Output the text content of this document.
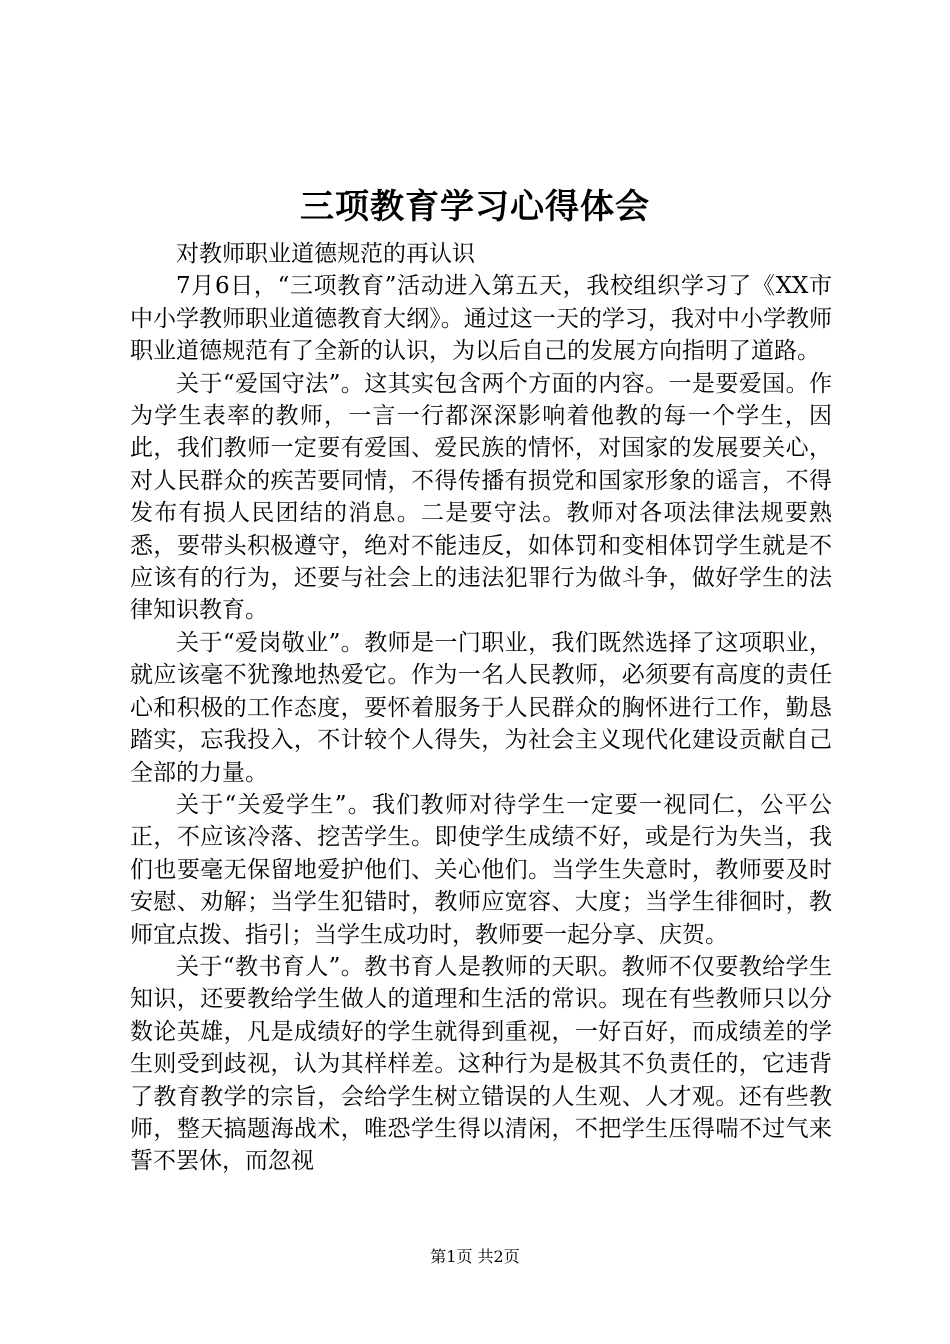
三项教育学习心得体会

对教师职业道德规范的再认识

7月6日，“三项教育”活动进入第五天，我校组织学习了《XX市中小学教师职业道德教育大纲》。通过这一天的学习，我对中小学教师职业道德规范有了全新的认识，为以后自己的发展方向指明了道路。

关于“爱国守法”。这其实包含两个方面的内容。一是要爱国。作为学生表率的教师，一言一行都深深影响着他教的每一个学生，因此，我们教师一定要有爱国、爱民族的情怀，对国家的发展要关心，对人民群众的疾苦要同情，不得传播有损党和国家形象的谣言，不得发布有损人民团结的消息。二是要守法。教师对各项法律法规要熟悉，要带头积极遵守，绝对不能违反，如体罚和变相体罚学生就是不应该有的行为，还要与社会上的违法犯罪行为做斗争，做好学生的法律知识教育。

关于“爱岗敬业”。教师是一门职业，我们既然选择了这项职业，就应该毫不犹豫地热爱它。作为一名人民教师，必须要有高度的责任心和积极的工作态度，要怀着服务于人民群众的胸怀进行工作，勤恳踏实，忘我投入，不计较个人得失，为社会主义现代化建设贡献自己全部的力量。

关于“关爱学生”。我们教师对待学生一定要一视同仁，公平公正，不应该冷落、挖苦学生。即使学生成绩不好，或是行为失当，我们也要毫无保留地爱护他们、关心他们。当学生失意时，教师要及时安慰、劝解；当学生犯错时，教师应宽容、大度；当学生徘徊时，教师宜点拨、指引；当学生成功时，教师要一起分享、庆贺。

关于“教书育人”。教书育人是教师的天职。教师不仅要教给学生知识，还要教给学生做人的道理和生活的常识。现在有些教师只以分数论英雄，凡是成绩好的学生就得到重视，一好百好，而成绩差的学生则受到歧视，认为其样样差。这种行为是极其不负责任的，它违背了教育教学的宗旨，会给学生树立错误的人生观、人才观。还有些教师，整天搞题海战术，唯恐学生得以清闲，不把学生压得喘不过气来誓不罢休，而忽视

第1页 共2页
